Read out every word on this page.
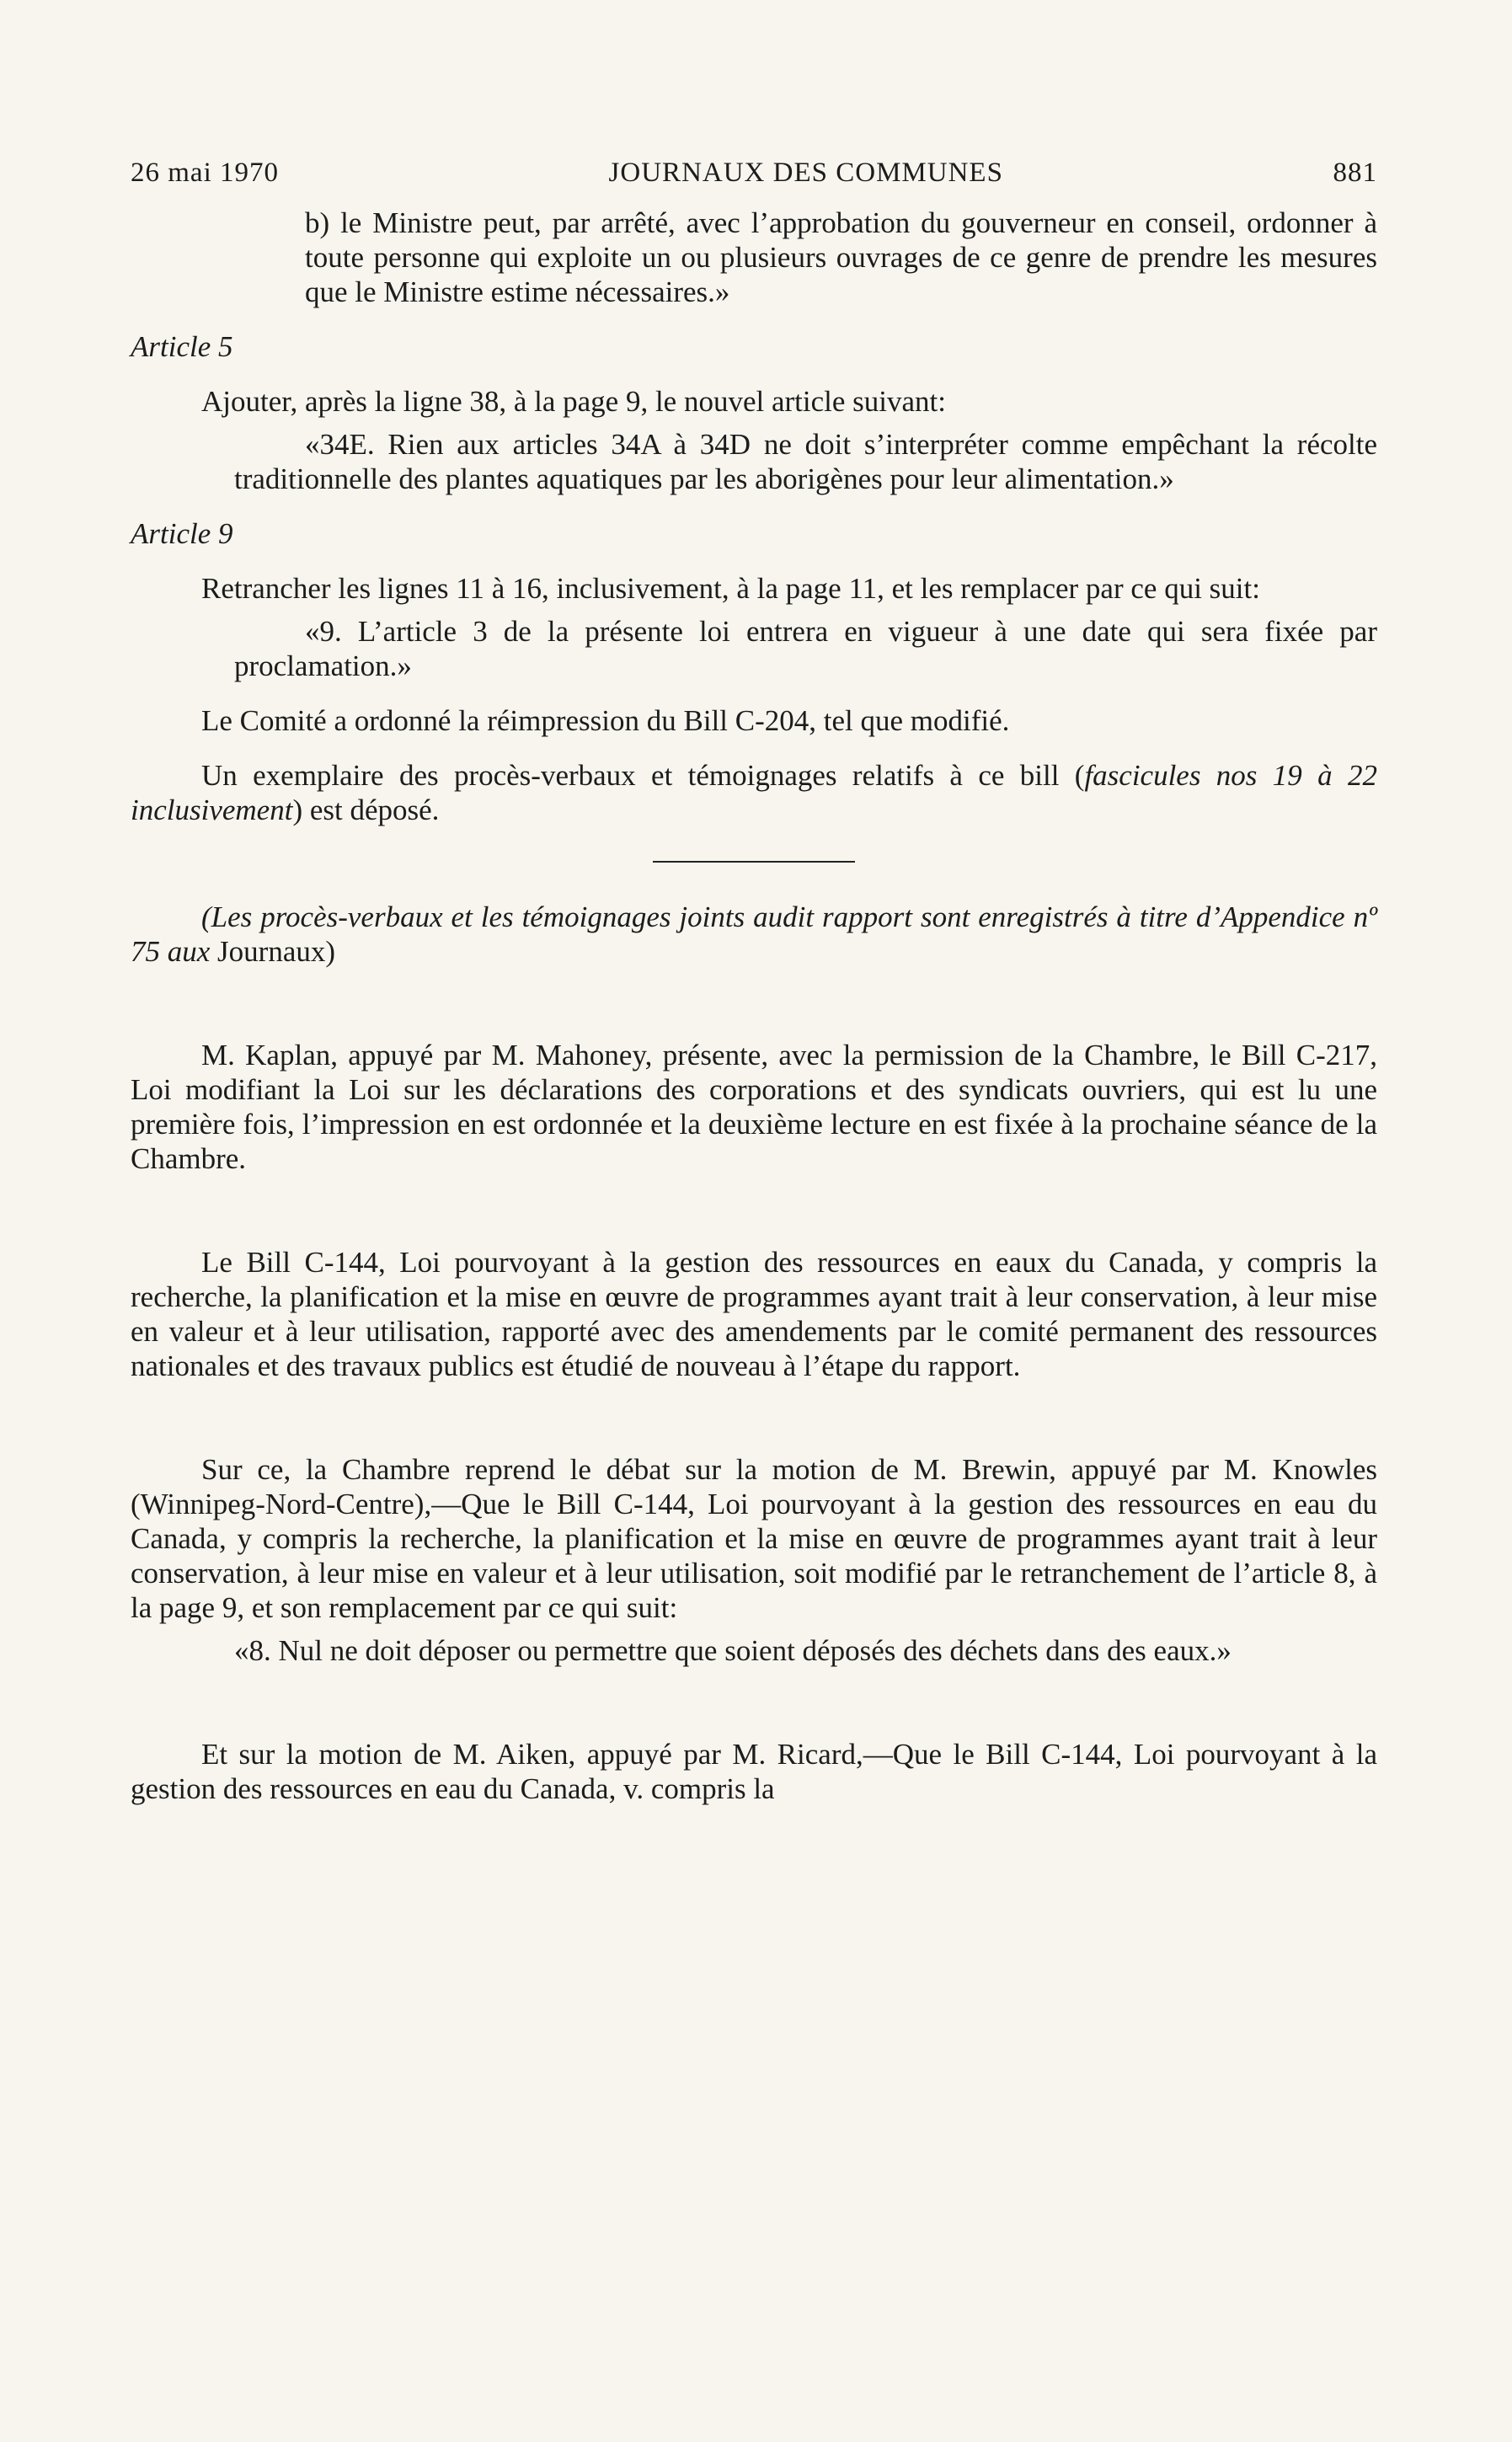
26 mai 1970	JOURNAUX DES COMMUNES	881

b) le Ministre peut, par arrêté, avec l’approbation du gouverneur en conseil, ordonner à toute personne qui exploite un ou plusieurs ouvrages de ce genre de prendre les mesures que le Ministre estime nécessaires.»

Article 5

Ajouter, après la ligne 38, à la page 9, le nouvel article suivant:

«34E. Rien aux articles 34A à 34D ne doit s’interpréter comme empêchant la récolte traditionnelle des plantes aquatiques par les aborigènes pour leur alimentation.»

Article 9

Retrancher les lignes 11 à 16, inclusivement, à la page 11, et les remplacer par ce qui suit:

«9. L’article 3 de la présente loi entrera en vigueur à une date qui sera fixée par proclamation.»

Le Comité a ordonné la réimpression du Bill C-204, tel que modifié.

Un exemplaire des procès-verbaux et témoignages relatifs à ce bill (fascicules nos 19 à 22 inclusivement) est déposé.

(Les procès-verbaux et les témoignages joints audit rapport sont enregistrés à titre d’Appendice nº 75 aux Journaux)

M. Kaplan, appuyé par M. Mahoney, présente, avec la permission de la Chambre, le Bill C-217, Loi modifiant la Loi sur les déclarations des corporations et des syndicats ouvriers, qui est lu une première fois, l’impression en est ordonnée et la deuxième lecture en est fixée à la prochaine séance de la Chambre.

Le Bill C-144, Loi pourvoyant à la gestion des ressources en eaux du Canada, y compris la recherche, la planification et la mise en œuvre de programmes ayant trait à leur conservation, à leur mise en valeur et à leur utilisation, rapporté avec des amendements par le comité permanent des ressources nationales et des travaux publics est étudié de nouveau à l’étape du rapport.

Sur ce, la Chambre reprend le débat sur la motion de M. Brewin, appuyé par M. Knowles (Winnipeg-Nord-Centre),—Que le Bill C-144, Loi pourvoyant à la gestion des ressources en eau du Canada, y compris la recherche, la planification et la mise en œuvre de programmes ayant trait à leur conservation, à leur mise en valeur et à leur utilisation, soit modifié par le retranchement de l’article 8, à la page 9, et son remplacement par ce qui suit:

«8. Nul ne doit déposer ou permettre que soient déposés des déchets dans des eaux.»

Et sur la motion de M. Aiken, appuyé par M. Ricard,—Que le Bill C-144, Loi pourvoyant à la gestion des ressources en eau du Canada, v. compris la
